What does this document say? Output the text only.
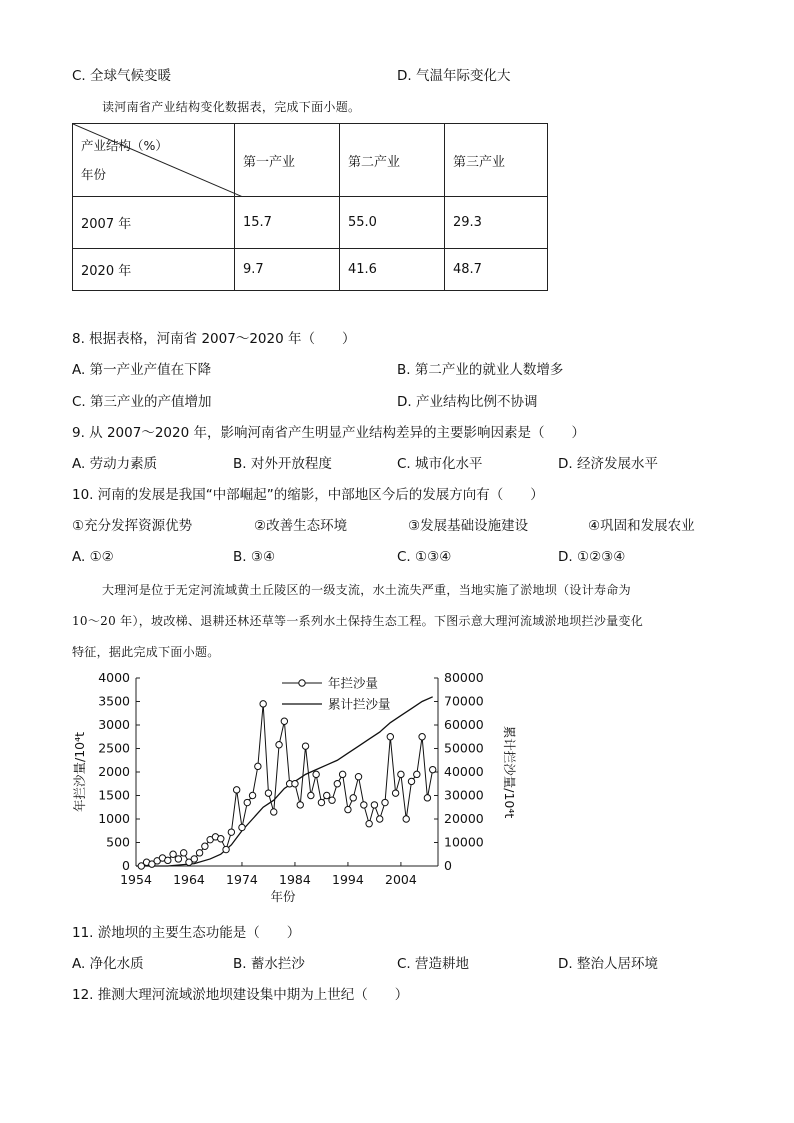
C. 全球气候变暖	D. 气温年际变化大
读河南省产业结构变化数据表，完成下面小题。
产业结构（%）
年份	第一产业	第二产业	第三产业
2007 年	15.7	55.0	29.3
2020 年	9.7	41.6	48.7
8. 根据表格，河南省 2007～2020 年（　　）
A. 第一产业产值在下降	B. 第二产业的就业人数增多
C. 第三产业的产值增加	D. 产业结构比例不协调
9. 从 2007～2020 年，影响河南省产生明显产业结构差异的主要影响因素是（　　）
A. 劳动力素质	B. 对外开放程度	C. 城市化水平	D. 经济发展水平
10. 河南的发展是我国“中部崛起”的缩影，中部地区今后的发展方向有（　　）
①充分发挥资源优势	②改善生态环境	③发展基础设施建设	④巩固和发展农业
A. ①②	B. ③④	C. ①③④	D. ①②③④
大理河是位于无定河流域黄土丘陵区的一级支流，水土流失严重，当地实施了淤地坝（设计寿命为
10～20 年），坡改梯、退耕还林还草等一系列水土保持生态工程。下图示意大理河流域淤地坝拦沙量变化
特征，据此完成下面小题。
0
500
1000
1500
2000
2500
3000
3500
4000
0
10000
20000
30000
40000
50000
60000
70000
80000
1954 1964 1974 1984 1994 2004
年份
年拦沙量/10⁴t	累计拦沙量/10⁴t
年拦沙量
累计拦沙量
11. 淤地坝的主要生态功能是（　　）
A. 净化水质	B. 蓄水拦沙	C. 营造耕地	D. 整治人居环境
12. 推测大理河流域淤地坝建设集中期为上世纪（　　）
